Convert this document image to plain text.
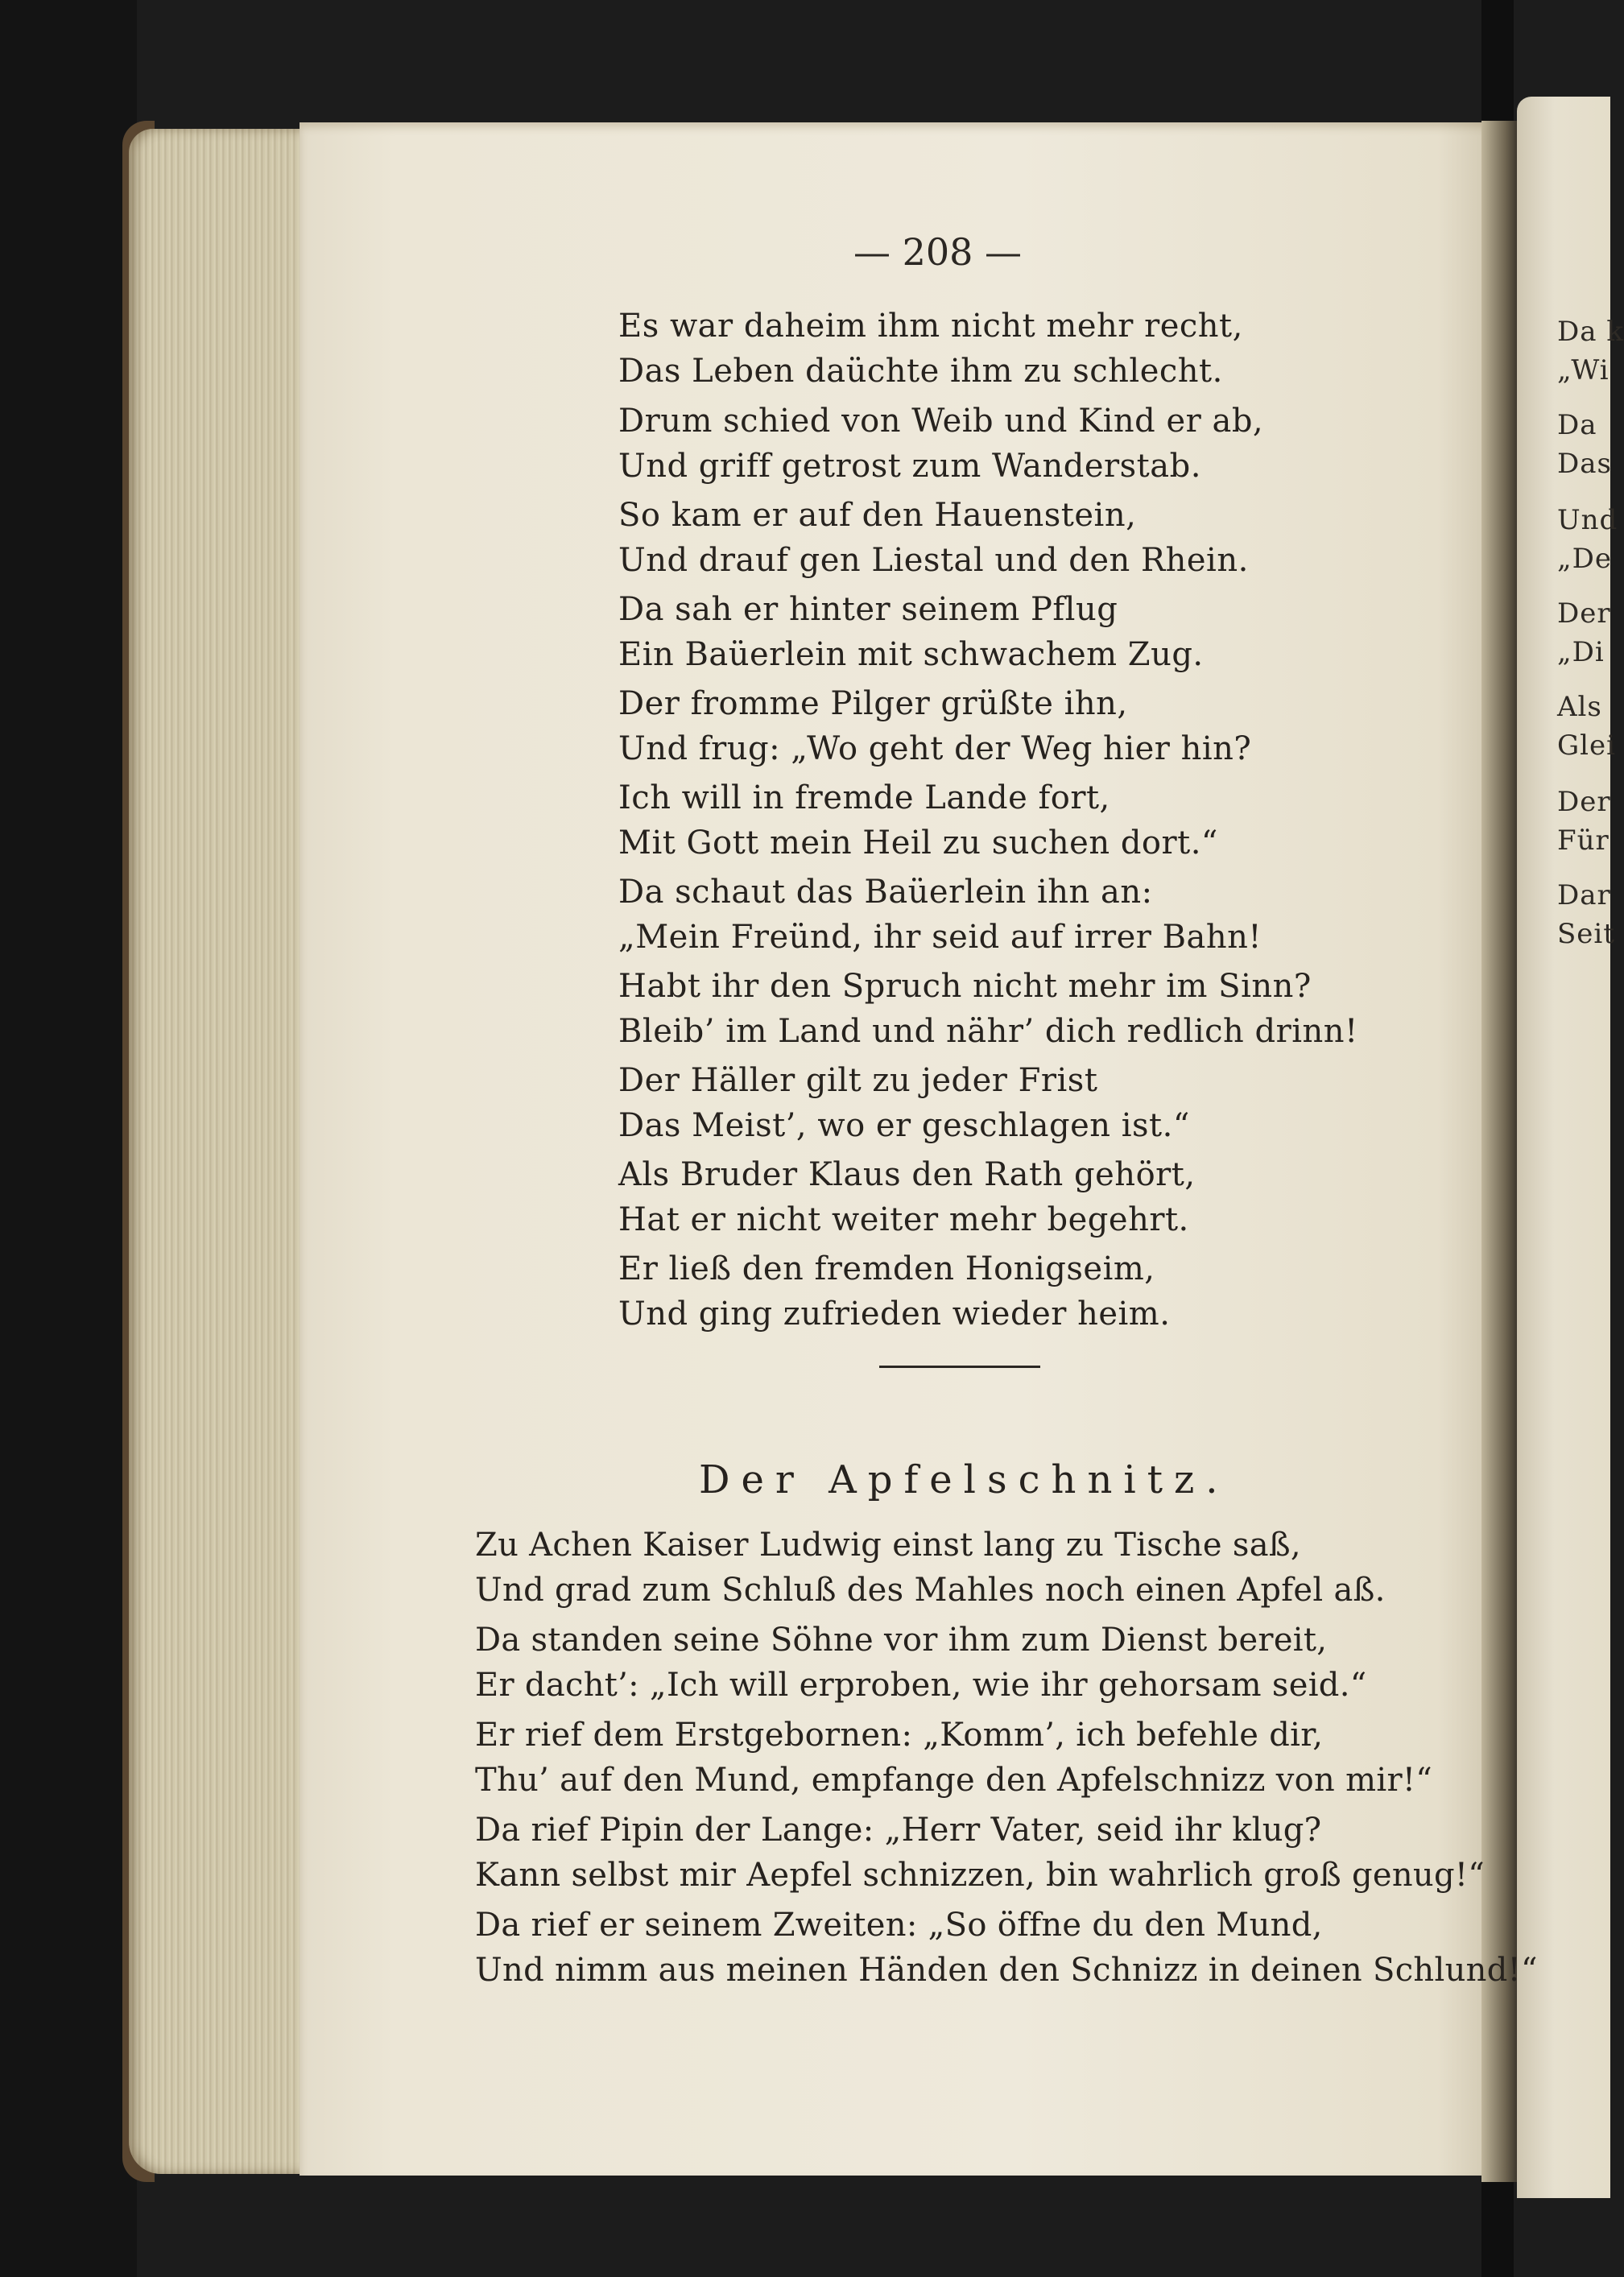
Da k
„Wi
Da
Das
Und
„De
Der
„Di
Als
Glei
Der
Für
Dar
Seit
— 208 —
Es war daheim ihm nicht mehr recht,
Das Leben daüchte ihm zu schlecht.
Drum schied von Weib und Kind er ab,
Und griff getrost zum Wanderstab.
So kam er auf den Hauenstein,
Und drauf gen Liestal und den Rhein.
Da sah er hinter seinem Pflug
Ein Baüerlein mit schwachem Zug.
Der fromme Pilger grüßte ihn,
Und frug: „Wo geht der Weg hier hin?
Ich will in fremde Lande fort,
Mit Gott mein Heil zu suchen dort.“
Da schaut das Baüerlein ihn an:
„Mein Freünd, ihr seid auf irrer Bahn!
Habt ihr den Spruch nicht mehr im Sinn?
Bleib’ im Land und nähr’ dich redlich drinn!
Der Häller gilt zu jeder Frist
Das Meist’, wo er geschlagen ist.“
Als Bruder Klaus den Rath gehört,
Hat er nicht weiter mehr begehrt.
Er ließ den fremden Honigseim,
Und ging zufrieden wieder heim.
Der Apfelschnitz.
Zu Achen Kaiser Ludwig einst lang zu Tische saß,
Und grad zum Schluß des Mahles noch einen Apfel aß.
Da standen seine Söhne vor ihm zum Dienst bereit,
Er dacht’: „Ich will erproben, wie ihr gehorsam seid.“
Er rief dem Erstgebornen: „Komm’, ich befehle dir,
Thu’ auf den Mund, empfange den Apfelschnizz von mir!“
Da rief Pipin der Lange: „Herr Vater, seid ihr klug?
Kann selbst mir Aepfel schnizzen, bin wahrlich groß genug!“
Da rief er seinem Zweiten: „So öffne du den Mund,
Und nimm aus meinen Händen den Schnizz in deinen Schlund!“
